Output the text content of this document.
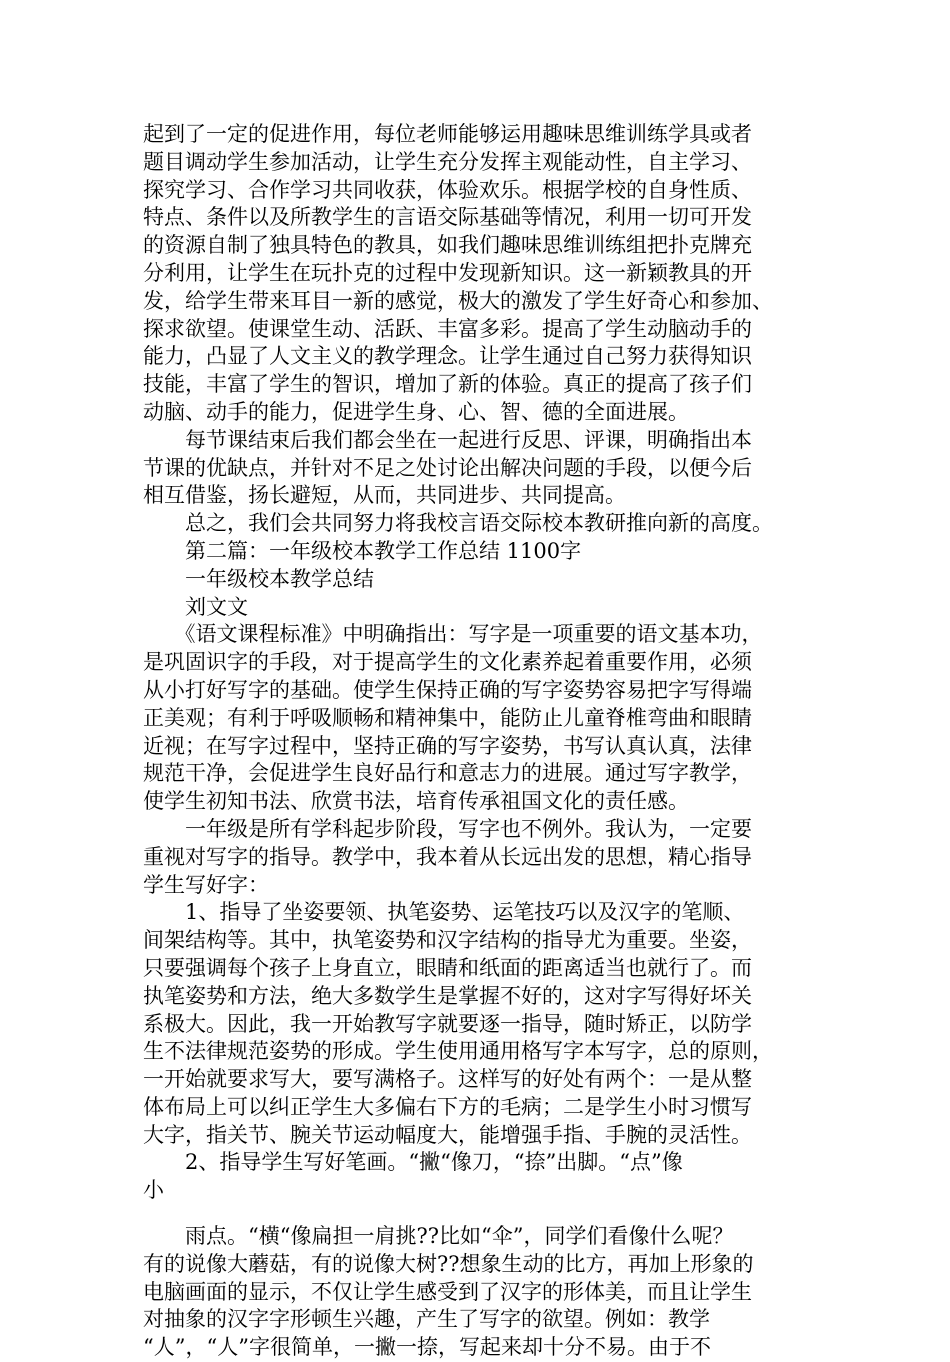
起到了一定的促进作用，每位老师能够运用趣味思维训练学具或者
题目调动学生参加活动，让学生充分发挥主观能动性，自主学习、
探究学习、合作学习共同收获，体验欢乐。根据学校的自身性质、
特点、条件以及所教学生的言语交际基础等情况，利用一切可开发
的资源自制了独具特色的教具，如我们趣味思维训练组把扑克牌充
分利用，让学生在玩扑克的过程中发现新知识。这一新颖教具的开
发，给学生带来耳目一新的感觉，极大的激发了学生好奇心和参加、
探求欲望。使课堂生动、活跃、丰富多彩。提高了学生动脑动手的
能力，凸显了人文主义的教学理念。让学生通过自己努力获得知识
技能，丰富了学生的智识，增加了新的体验。真正的提高了孩子们
动脑、动手的能力，促进学生身、心、智、德的全面进展。
　　每节课结束后我们都会坐在一起进行反思、评课，明确指出本
节课的优缺点，并针对不足之处讨论出解决问题的手段，以便今后
相互借鉴，扬长避短，从而，共同进步、共同提高。
　　总之，我们会共同努力将我校言语交际校本教研推向新的高度。
　　第二篇：一年级校本教学工作总结 1100字
　　一年级校本教学总结
　　刘文文
　　《语文课程标准》中明确指出：写字是一项重要的语文基本功，
是巩固识字的手段，对于提高学生的文化素养起着重要作用，必须
从小打好写字的基础。使学生保持正确的写字姿势容易把字写得端
正美观；有利于呼吸顺畅和精神集中，能防止儿童脊椎弯曲和眼睛
近视；在写字过程中，坚持正确的写字姿势，书写认真认真，法律
规范干净，会促进学生良好品行和意志力的进展。通过写字教学，
使学生初知书法、欣赏书法，培育传承祖国文化的责任感。
　　一年级是所有学科起步阶段，写字也不例外。我认为，一定要
重视对写字的指导。教学中，我本着从长远出发的思想，精心指导
学生写好字：
　　1、指导了坐姿要领、执笔姿势、运笔技巧以及汉字的笔顺、
间架结构等。其中，执笔姿势和汉字结构的指导尤为重要。坐姿，
只要强调每个孩子上身直立，眼睛和纸面的距离适当也就行了。而
执笔姿势和方法，绝大多数学生是掌握不好的，这对字写得好坏关
系极大。因此，我一开始教写字就要逐一指导，随时矫正，以防学
生不法律规范姿势的形成。学生使用通用格写字本写字，总的原则，
一开始就要求写大，要写满格子。这样写的好处有两个：一是从整
体布局上可以纠正学生大多偏右下方的毛病；二是学生小时习惯写
大字，指关节、腕关节运动幅度大，能增强手指、手腕的灵活性。
　　2、指导学生写好笔画。“撇“像刀，“捺”出脚。“点”像
小
　　雨点。“横“像扁担一肩挑??比如“伞”，同学们看像什么呢？
有的说像大蘑菇，有的说像大树??想象生动的比方，再加上形象的
电脑画面的显示，不仅让学生感受到了汉字的形体美，而且让学生
对抽象的汉字字形顿生兴趣，产生了写字的欲望。例如：教学
“人”，“人”字很简单，一撇一捺，写起来却十分不易。由于不
